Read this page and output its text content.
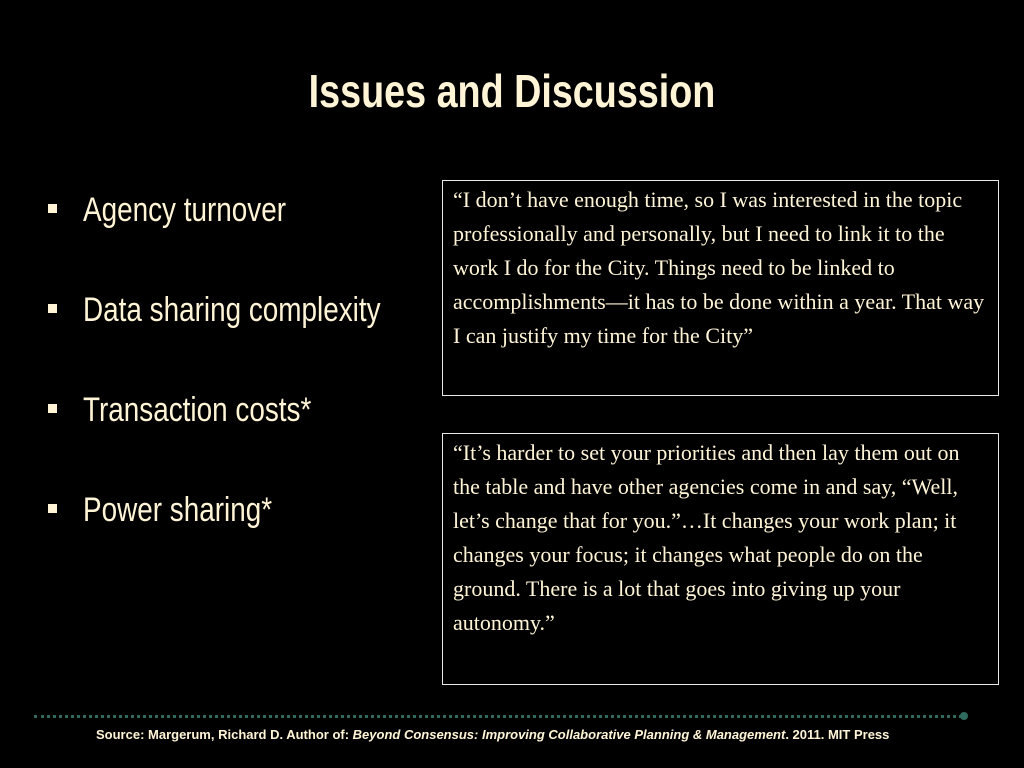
Issues and Discussion
Agency turnover
Data sharing complexity
Transaction costs*
Power sharing*

“I don’t have enough time, so I was interested in the topic professionally and personally, but I need to link it to the work I do for the City. Things need to be linked to accomplishments—it has to be done within a year. That way I can justify my time for the City”

“It’s harder to set your priorities and then lay them out on the table and have other agencies come in and say, “Well, let’s change that for you.”…It changes your work plan; it changes your focus; it changes what people do on the ground. There is a lot that goes into giving up your autonomy.”

Source: Margerum, Richard D. Author of: Beyond Consensus: Improving Collaborative Planning & Management. 2011. MIT Press
